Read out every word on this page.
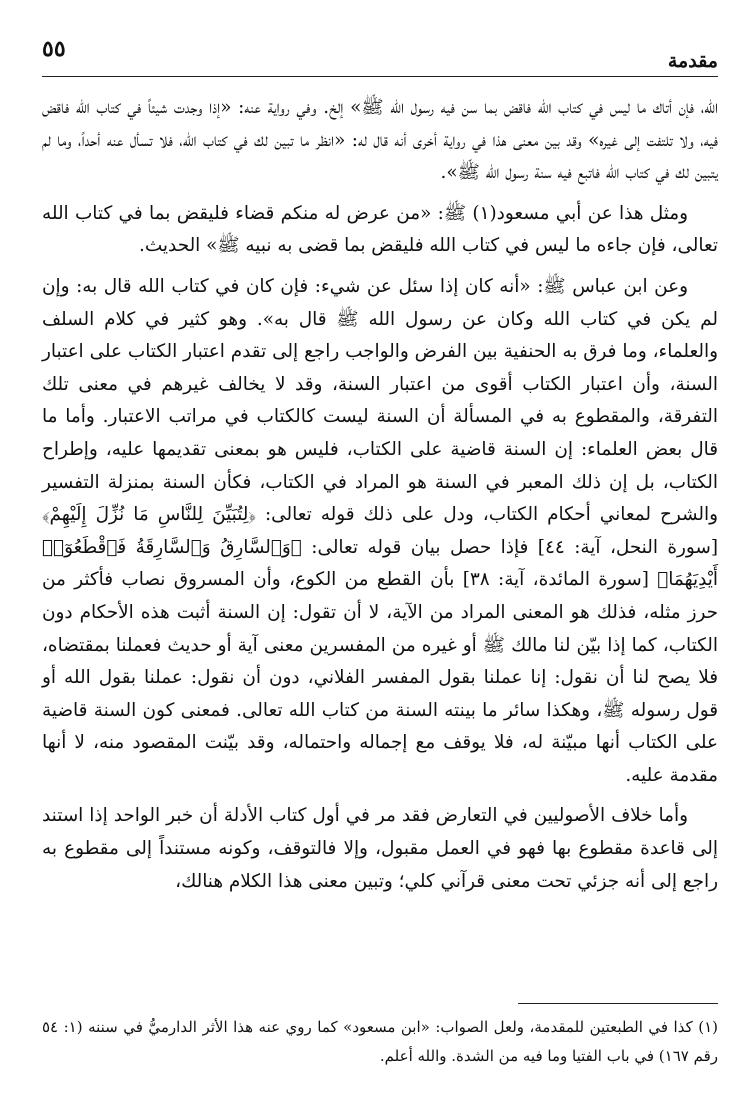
٥٥	مقدمة

الله، فإن أتاك ما ليس في كتاب الله فاقض بما سن فيه رسول الله ﷺ» إلخ. وفي رواية عنه: «إذا وجدت شيئاً في كتاب الله فاقض فيه، ولا تلتفت إلى غيره» وقد بين معنى هذا في رواية أخرى أنه قال له: «انظر ما تبين لك في كتاب الله، فلا تسأل عنه أحداً، وما لم يتبين لك في كتاب الله فاتبع فيه سنة رسول الله ﷺ».

ومثل هذا عن أبي مسعود(١) ﷺ: «من عرض له منكم قضاء فليقض بما في كتاب الله تعالى، فإن جاءه ما ليس في كتاب الله فليقض بما قضى به نبيه ﷺ» الحديث.

وعن ابن عباس ﷺ: «أنه كان إذا سئل عن شيء: فإن كان في كتاب الله قال به: وإن لم يكن في كتاب الله وكان عن رسول الله ﷺ قال به». وهو كثير في كلام السلف والعلماء، وما فرق به الحنفية بين الفرض والواجب راجع إلى تقدم اعتبار الكتاب على اعتبار السنة، وأن اعتبار الكتاب أقوى من اعتبار السنة، وقد لا يخالف غيرهم في معنى تلك التفرقة، والمقطوع به في المسألة أن السنة ليست كالكتاب في مراتب الاعتبار. وأما ما قال بعض العلماء: إن السنة قاضية على الكتاب، فليس هو بمعنى تقديمها عليه، وإطراح الكتاب، بل إن ذلك المعبر في السنة هو المراد في الكتاب، فكأن السنة بمنزلة التفسير والشرح لمعاني أحكام الكتاب، ودل على ذلك قوله تعالى: ﴿لِتُبَيِّنَ لِلنَّاسِ مَا نُزِّلَ إِلَيْهِمْ﴾ [سورة النحل، آية: ٤٤] فإذا حصل بيان قوله تعالى: ﴿وَٱلسَّارِقُ وَٱلسَّارِقَةُ فَٱقْطَعُوٓا۟ أَيْدِيَهُمَا﴾ [سورة المائدة، آية: ٣٨] بأن القطع من الكوع، وأن المسروق نصاب فأكثر من حرز مثله، فذلك هو المعنى المراد من الآية، لا أن تقول: إن السنة أثبت هذه الأحكام دون الكتاب، كما إذا بيّن لنا مالك ﷺ أو غيره من المفسرين معنى آية أو حديث فعملنا بمقتضاه، فلا يصح لنا أن نقول: إنا عملنا بقول المفسر الفلاني، دون أن نقول: عملنا بقول الله أو قول رسوله ﷺ، وهكذا سائر ما بينته السنة من كتاب الله تعالى. فمعنى كون السنة قاضية على الكتاب أنها مبيّنة له، فلا يوقف مع إجماله واحتماله، وقد بيّنت المقصود منه، لا أنها مقدمة عليه.

وأما خلاف الأصوليين في التعارض فقد مر في أول كتاب الأدلة أن خبر الواحد إذا استند إلى قاعدة مقطوع بها فهو في العمل مقبول، وإلا فالتوقف، وكونه مستنداً إلى مقطوع به راجع إلى أنه جزئي تحت معنى قرآني كلي؛ وتبين معنى هذا الكلام هنالك،

(١) كذا في الطبعتين للمقدمة، ولعل الصواب: «ابن مسعود» كما روي عنه هذا الأثر الدارميُّ في سننه (١: ٥٤ رقم ١٦٧) في باب الفتيا وما فيه من الشدة. والله أعلم.
